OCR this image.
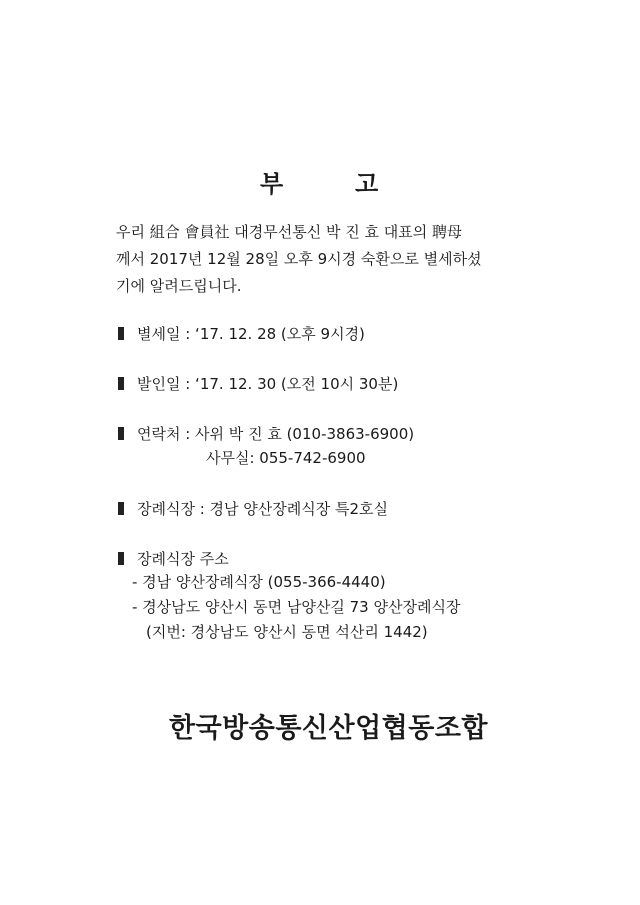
부	고
우리 組合 會員社 대경무선통신 박 진 효 대표의 聘母
께서 2017년 12월 28일 오후 9시경 숙환으로 별세하셨
기에 알려드립니다.
별세일 : ‘17. 12. 28 (오후 9시경)
발인일 : ‘17. 12. 30 (오전 10시 30분)
연락처 : 사위 박 진 효 (010-3863-6900)
사무실: 055-742-6900
장례식장 : 경남 양산장례식장 특2호실
장례식장 주소
- 경남 양산장례식장 (055-366-4440)
- 경상남도 양산시 동면 남양산길 73 양산장례식장
(지번: 경상남도 양산시 동면 석산리 1442)
한국방송통신산업협동조합
